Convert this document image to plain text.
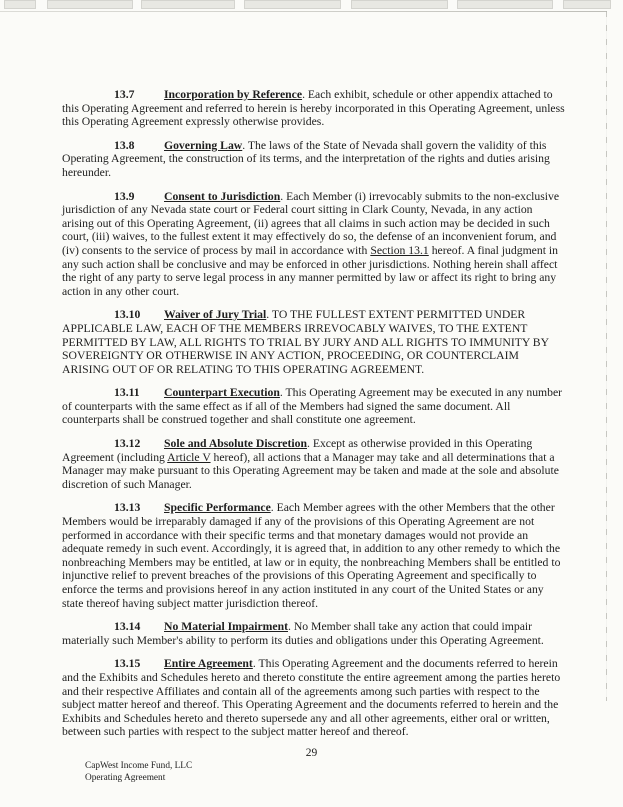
13.7	Incorporation by Reference. Each exhibit, schedule or other appendix attached to this Operating Agreement and referred to herein is hereby incorporated in this Operating Agreement, unless this Operating Agreement expressly otherwise provides.

13.8	Governing Law. The laws of the State of Nevada shall govern the validity of this Operating Agreement, the construction of its terms, and the interpretation of the rights and duties arising hereunder.

13.9	Consent to Jurisdiction. Each Member (i) irrevocably submits to the non-exclusive jurisdiction of any Nevada state court or Federal court sitting in Clark County, Nevada, in any action arising out of this Operating Agreement, (ii) agrees that all claims in such action may be decided in such court, (iii) waives, to the fullest extent it may effectively do so, the defense of an inconvenient forum, and (iv) consents to the service of process by mail in accordance with Section 13.1 hereof. A final judgment in any such action shall be conclusive and may be enforced in other jurisdictions. Nothing herein shall affect the right of any party to serve legal process in any manner permitted by law or affect its right to bring any action in any other court.

13.10 Waiver of Jury Trial. TO THE FULLEST EXTENT PERMITTED UNDER APPLICABLE LAW, EACH OF THE MEMBERS IRREVOCABLY WAIVES, TO THE EXTENT PERMITTED BY LAW, ALL RIGHTS TO TRIAL BY JURY AND ALL RIGHTS TO IMMUNITY BY SOVEREIGNTY OR OTHERWISE IN ANY ACTION, PROCEEDING, OR COUNTERCLAIM ARISING OUT OF OR RELATING TO THIS OPERATING AGREEMENT.

13.11 Counterpart Execution. This Operating Agreement may be executed in any number of counterparts with the same effect as if all of the Members had signed the same document. All counterparts shall be construed together and shall constitute one agreement.

13.12 Sole and Absolute Discretion. Except as otherwise provided in this Operating Agreement (including Article V hereof), all actions that a Manager may take and all determinations that a Manager may make pursuant to this Operating Agreement may be taken and made at the sole and absolute discretion of such Manager.

13.13 Specific Performance. Each Member agrees with the other Members that the other Members would be irreparably damaged if any of the provisions of this Operating Agreement are not performed in accordance with their specific terms and that monetary damages would not provide an adequate remedy in such event. Accordingly, it is agreed that, in addition to any other remedy to which the nonbreaching Members may be entitled, at law or in equity, the nonbreaching Members shall be entitled to injunctive relief to prevent breaches of the provisions of this Operating Agreement and specifically to enforce the terms and provisions hereof in any action instituted in any court of the United States or any state thereof having subject matter jurisdiction thereof.

13.14 No Material Impairment. No Member shall take any action that could impair materially such Member's ability to perform its duties and obligations under this Operating Agreement.

13.15 Entire Agreement. This Operating Agreement and the documents referred to herein and the Exhibits and Schedules hereto and thereto constitute the entire agreement among the parties hereto and their respective Affiliates and contain all of the agreements among such parties with respect to the subject matter hereof and thereof. This Operating Agreement and the documents referred to herein and the Exhibits and Schedules hereto and thereto supersede any and all other agreements, either oral or written, between such parties with respect to the subject matter hereof and thereof.

29
CapWest Income Fund, LLC
Operating Agreement
